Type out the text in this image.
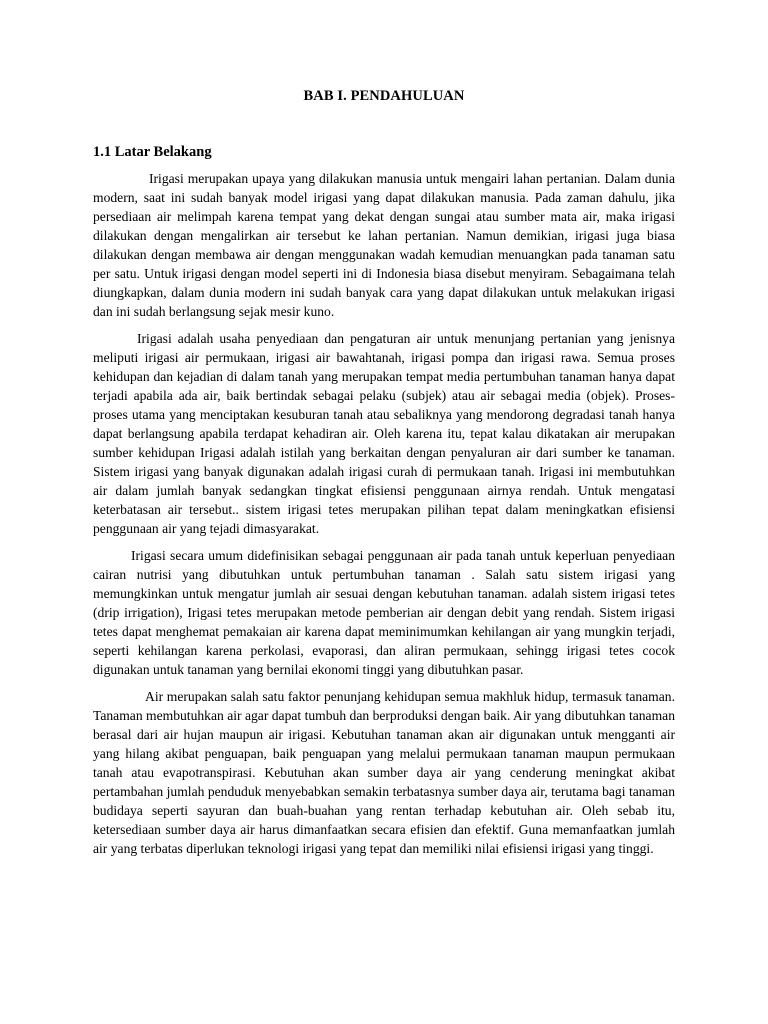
BAB I. PENDAHULUAN
1.1 Latar Belakang

Irigasi merupakan upaya yang dilakukan manusia untuk mengairi lahan pertanian. Dalam dunia modern, saat ini sudah banyak model irigasi yang dapat dilakukan manusia. Pada zaman dahulu, jika persediaan air melimpah karena tempat yang dekat dengan sungai atau sumber mata air, maka irigasi dilakukan dengan mengalirkan air tersebut ke lahan pertanian. Namun demikian, irigasi juga biasa dilakukan dengan membawa air dengan menggunakan wadah kemudian menuangkan pada tanaman satu per satu. Untuk irigasi dengan model seperti ini di Indonesia biasa disebut menyiram. Sebagaimana telah diungkapkan, dalam dunia modern ini sudah banyak cara yang dapat dilakukan untuk melakukan irigasi dan ini sudah berlangsung sejak mesir kuno.

Irigasi adalah usaha penyediaan dan pengaturan air untuk menunjang pertanian yang jenisnya meliputi irigasi air permukaan, irigasi air bawahtanah, irigasi pompa dan irigasi rawa. Semua proses kehidupan dan kejadian di dalam tanah yang merupakan tempat media pertumbuhan tanaman hanya dapat terjadi apabila ada air, baik bertindak sebagai pelaku (subjek) atau air sebagai media (objek). Proses-proses utama yang menciptakan kesuburan tanah atau sebaliknya yang mendorong degradasi tanah hanya dapat berlangsung apabila terdapat kehadiran air. Oleh karena itu, tepat kalau dikatakan air merupakan sumber kehidupan Irigasi adalah istilah yang berkaitan dengan penyaluran air dari sumber ke tanaman. Sistem irigasi yang banyak digunakan adalah irigasi curah di permukaan tanah. Irigasi ini membutuhkan air dalam jumlah banyak sedangkan tingkat efisiensi penggunaan airnya rendah. Untuk mengatasi keterbatasan air tersebut.. sistem irigasi tetes merupakan pilihan tepat dalam meningkatkan efisiensi penggunaan air yang tejadi dimasyarakat.

Irigasi secara umum didefinisikan sebagai penggunaan air pada tanah untuk keperluan penyediaan cairan nutrisi yang dibutuhkan untuk pertumbuhan tanaman . Salah satu sistem irigasi yang memungkinkan untuk mengatur jumlah air sesuai dengan kebutuhan tanaman. adalah sistem irigasi tetes (drip irrigation), Irigasi tetes merupakan metode pemberian air dengan debit yang rendah. Sistem irigasi tetes dapat menghemat pemakaian air karena dapat meminimumkan kehilangan air yang mungkin terjadi, seperti kehilangan karena perkolasi, evaporasi, dan aliran permukaan, sehingg irigasi tetes cocok digunakan untuk tanaman yang bernilai ekonomi tinggi yang dibutuhkan pasar.

Air merupakan salah satu faktor penunjang kehidupan semua makhluk hidup, termasuk tanaman. Tanaman membutuhkan air agar dapat tumbuh dan berproduksi dengan baik. Air yang dibutuhkan tanaman berasal dari air hujan maupun air irigasi. Kebutuhan tanaman akan air digunakan untuk mengganti air yang hilang akibat penguapan, baik penguapan yang melalui permukaan tanaman maupun permukaan tanah atau evapotranspirasi. Kebutuhan akan sumber daya air yang cenderung meningkat akibat pertambahan jumlah penduduk menyebabkan semakin terbatasnya sumber daya air, terutama bagi tanaman budidaya seperti sayuran dan buah-buahan yang rentan terhadap kebutuhan air. Oleh sebab itu, ketersediaan sumber daya air harus dimanfaatkan secara efisien dan efektif. Guna memanfaatkan jumlah air yang terbatas diperlukan teknologi irigasi yang tepat dan memiliki nilai efisiensi irigasi yang tinggi.
